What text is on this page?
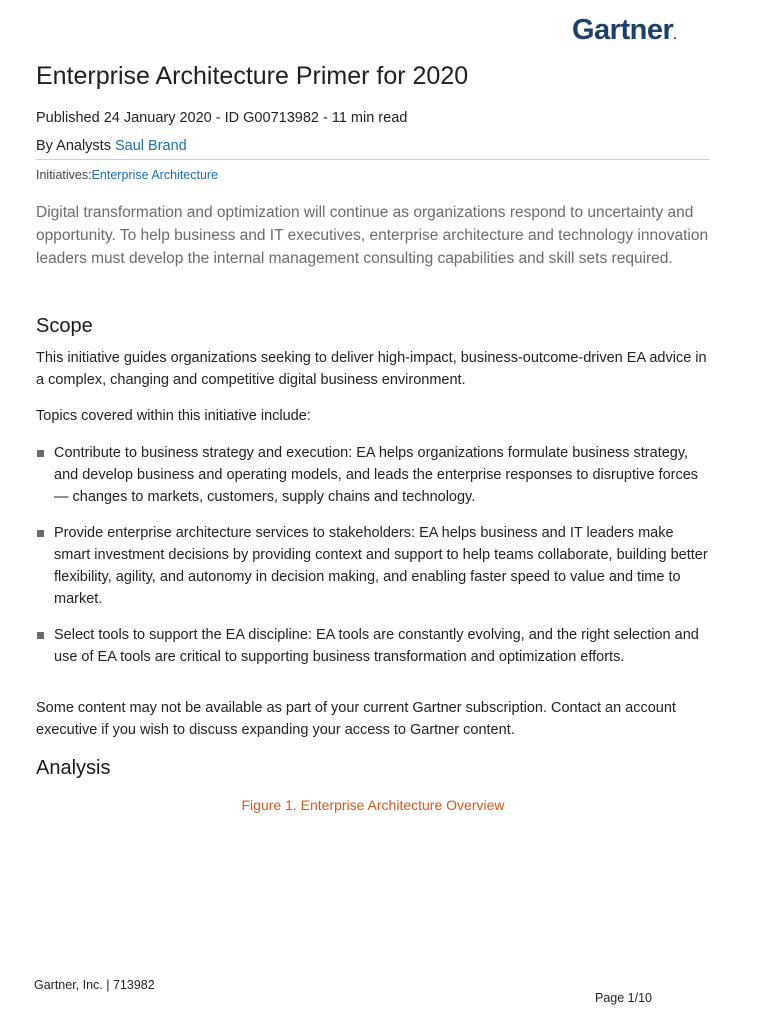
Gartner.
Enterprise Architecture Primer for 2020

Published 24 January 2020 - ID G00713982 - 11 min read

By Analysts Saul Brand

Initiatives:Enterprise Architecture

Digital transformation and optimization will continue as organizations respond to uncertainty and opportunity. To help business and IT executives, enterprise architecture and technology innovation leaders must develop the internal management consulting capabilities and skill sets required.

Scope

This initiative guides organizations seeking to deliver high-impact, business-outcome-driven EA advice in a complex, changing and competitive digital business environment.

Topics covered within this initiative include:

Contribute to business strategy and execution: EA helps organizations formulate business strategy, and develop business and operating models, and leads the enterprise responses to disruptive forces — changes to markets, customers, supply chains and technology.
Provide enterprise architecture services to stakeholders: EA helps business and IT leaders make smart investment decisions by providing context and support to help teams collaborate, building better flexibility, agility, and autonomy in decision making, and enabling faster speed to value and time to market.
Select tools to support the EA discipline: EA tools are constantly evolving, and the right selection and use of EA tools are critical to supporting business transformation and optimization efforts.

Some content may not be available as part of your current Gartner subscription. Contact an account executive if you wish to discuss expanding your access to Gartner content.

Analysis
Figure 1. Enterprise Architecture Overview
Gartner, Inc. | 713982
Page 1/10
